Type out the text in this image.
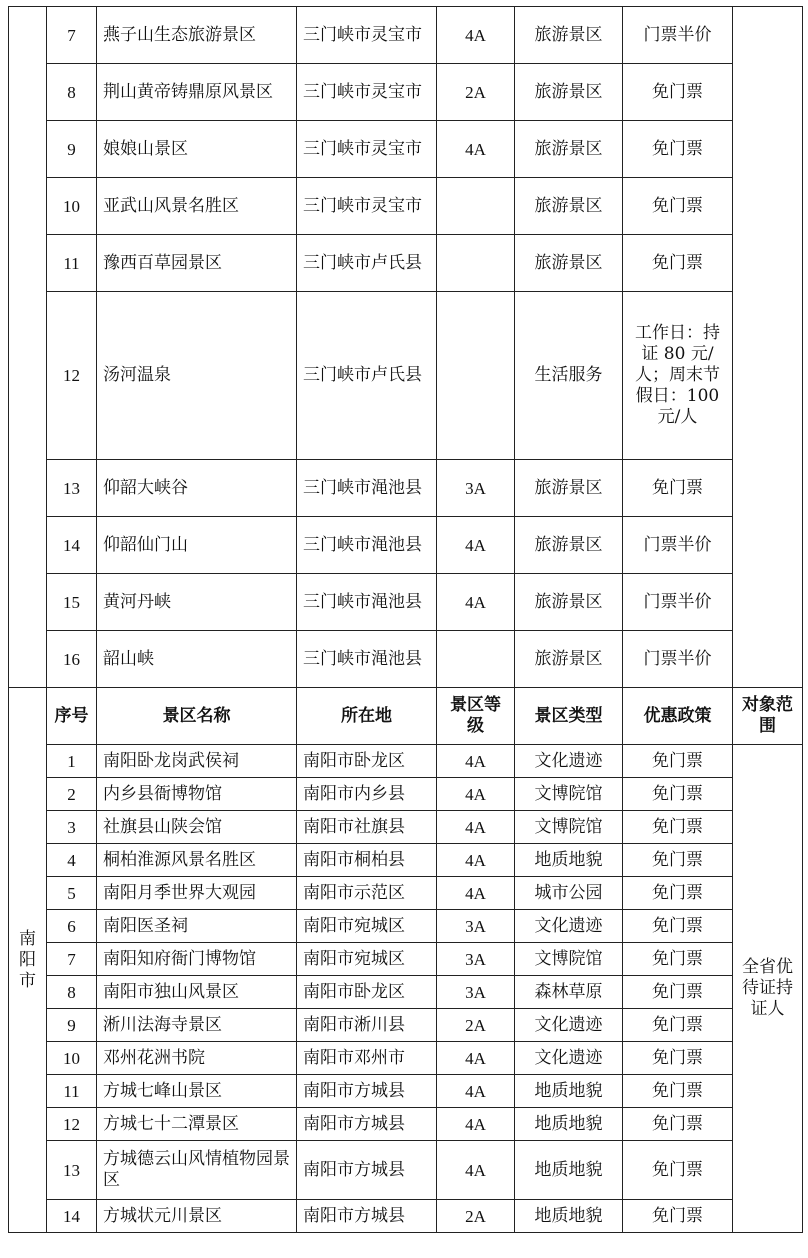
	7	燕子山生态旅游景区	三门峡市灵宝市	4A	旅游景区	门票半价	
	8	荆山黄帝铸鼎原风景区	三门峡市灵宝市	2A	旅游景区	免门票	
	9	娘娘山景区	三门峡市灵宝市	4A	旅游景区	免门票	
	10	亚武山风景名胜区	三门峡市灵宝市		旅游景区	免门票	
	11	豫西百草园景区	三门峡市卢氏县		旅游景区	免门票	
	12	汤河温泉	三门峡市卢氏县		生活服务	工作日：持证 80 元/人；周末节假日：100 元/人	
	13	仰韶大峡谷	三门峡市渑池县	3A	旅游景区	免门票	
	14	仰韶仙门山	三门峡市渑池县	4A	旅游景区	门票半价	
	15	黄河丹峡	三门峡市渑池县	4A	旅游景区	门票半价	
	16	韶山峡	三门峡市渑池县		旅游景区	门票半价	
南阳市	序号	景区名称	所在地	景区等级	景区类型	优惠政策	对象范围
	1	南阳卧龙岗武侯祠	南阳市卧龙区	4A	文化遗迹	免门票	全省优待证持证人
	2	内乡县衙博物馆	南阳市内乡县	4A	文博院馆	免门票	
	3	社旗县山陕会馆	南阳市社旗县	4A	文博院馆	免门票	
	4	桐柏淮源风景名胜区	南阳市桐柏县	4A	地质地貌	免门票	
	5	南阳月季世界大观园	南阳市示范区	4A	城市公园	免门票	
	6	南阳医圣祠	南阳市宛城区	3A	文化遗迹	免门票	
	7	南阳知府衙门博物馆	南阳市宛城区	3A	文博院馆	免门票	
	8	南阳市独山风景区	南阳市卧龙区	3A	森林草原	免门票	
	9	淅川法海寺景区	南阳市淅川县	2A	文化遗迹	免门票	
	10	邓州花洲书院	南阳市邓州市	4A	文化遗迹	免门票	
	11	方城七峰山景区	南阳市方城县	4A	地质地貌	免门票	
	12	方城七十二潭景区	南阳市方城县	4A	地质地貌	免门票	
	13	方城德云山风情植物园景区	南阳市方城县	4A	地质地貌	免门票	
	14	方城状元川景区	南阳市方城县	2A	地质地貌	免门票	
